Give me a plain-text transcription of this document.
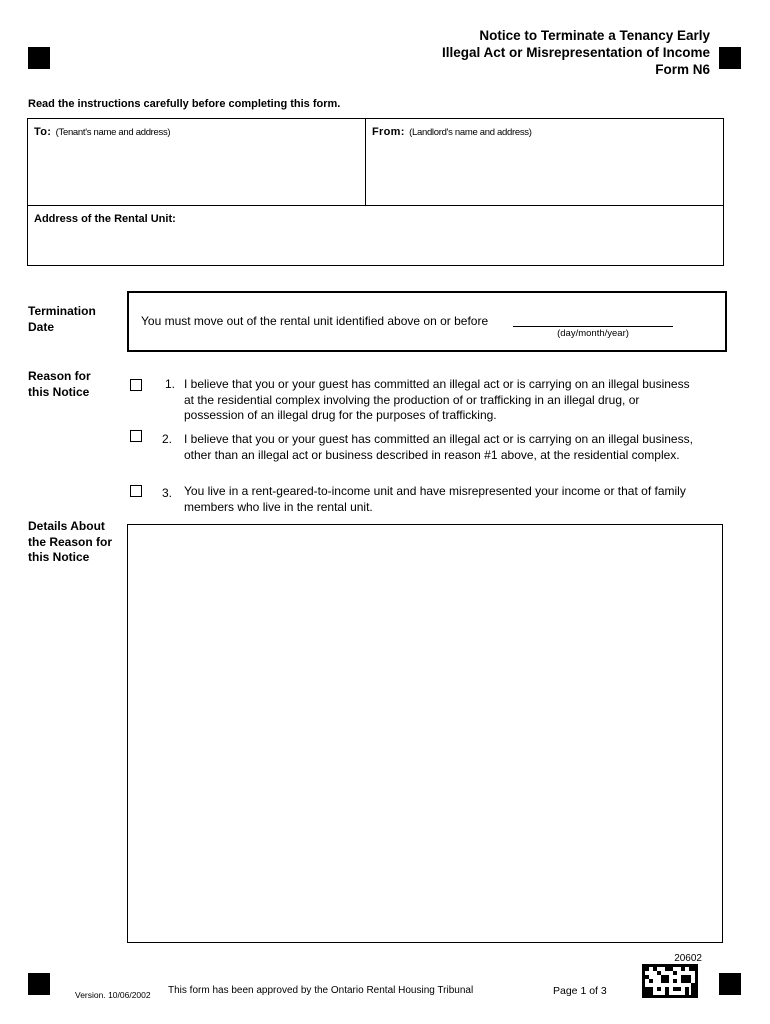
Notice to Terminate a Tenancy Early
Illegal Act or Misrepresentation of Income
Form N6
Read the instructions carefully before completing this form.
To: (Tenant's name and address)	From: (Landlord's name and address)
Address of the Rental Unit:
Termination
Date	You must move out of the rental unit identified above on or before
(day/month/year)
Reason for
this Notice
1. I believe that you or your guest has committed an illegal act or is carrying on an illegal business
at the residential complex involving the production of or trafficking in an illegal drug, or
possession of an illegal drug for the purposes of trafficking.
2. I believe that you or your guest has committed an illegal act or is carrying on an illegal business,
other than an illegal act or business described in reason #1 above, at the residential complex.
3. You live in a rent-geared-to-income unit and have misrepresented your income or that of family
members who live in the rental unit.
Details About
the Reason for
this Notice
20602
Version. 10/06/2002 This form has been approved by the Ontario Rental Housing Tribunal	Page 1 of 3
